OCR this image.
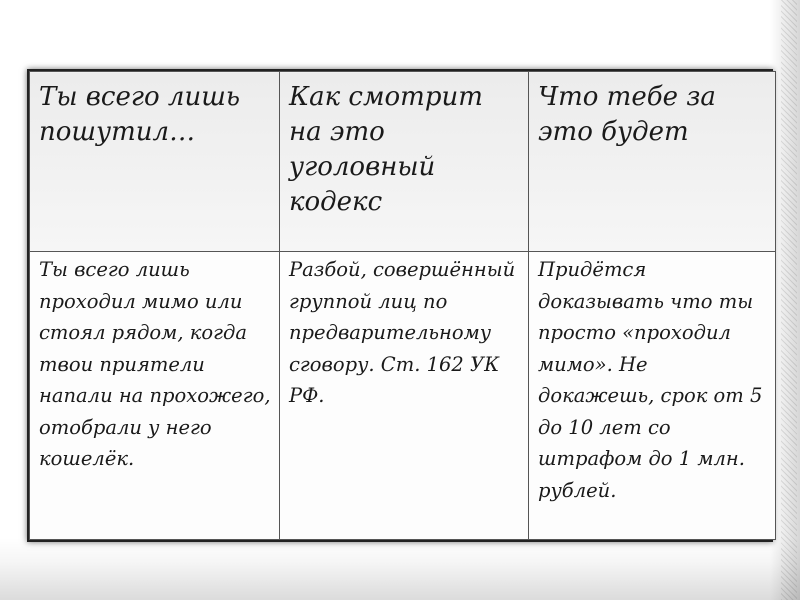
Ты всего лишь пошутил…	Как смотрит на это уголовный кодекс	Что тебе за это будет

Ты всего лишь проходил мимо или стоял рядом, когда твои приятели напали на прохожего, отобрали у него кошелёк.	Разбой, совершённый группой лиц по предварительному сговору. Ст. 162 УК РФ.	Придётся доказывать что ты просто «проходил мимо». Не докажешь, срок от 5 до 10 лет со штрафом до 1 млн. рублей.
